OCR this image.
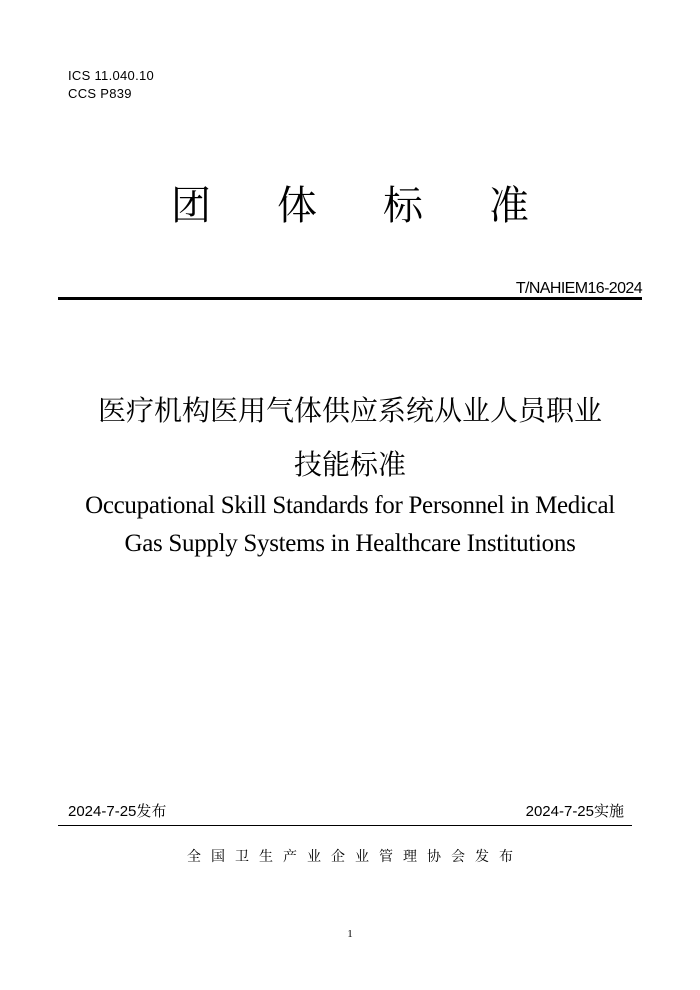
ICS 11.040.10
CCS P839
团体标准
T/NAHIEM16-2024
医疗机构医用气体供应系统从业人员职业
技能标准
Occupational Skill Standards for Personnel in Medical
Gas Supply Systems in Healthcare Institutions
2024-7-25发布	2024-7-25实施
全国卫生产业企业管理协会发布
1
